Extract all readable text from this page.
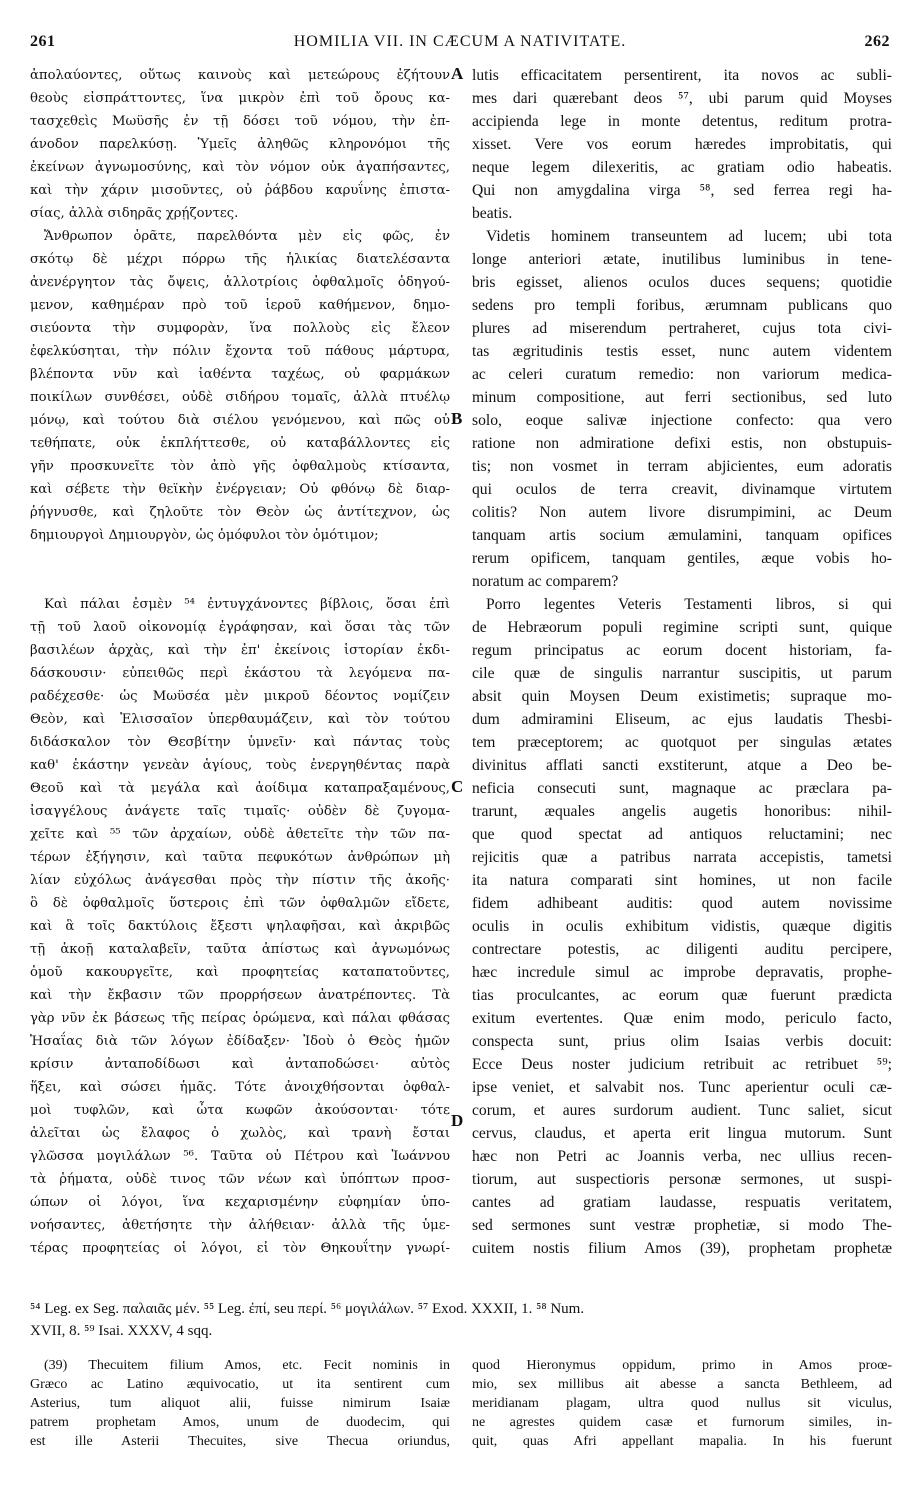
261	HOMILIA VII. IN CÆCUM A NATIVITATE.	262
ἀπολαύοντες, οὕτως καινοὺς καὶ μετεώρους ἐζήτουν
θεοὺς εἰσπράττοντες, ἵνα μικρὸν ἐπὶ τοῦ ὄρους κα-
τασχεθεὶς Μωϋσῆς ἐν τῇ δόσει τοῦ νόμου, τὴν ἐπ-
άνοδον παρελκύσῃ. Ὑμεῖς ἀληθῶς κληρονόμοι τῆς
ἐκείνων ἀγνωμοσύνης, καὶ τὸν νόμον οὐκ ἀγαπήσαντες,
καὶ τὴν χάριν μισοῦντες, οὐ ῥάβδου καρυΐνης ἐπιστα-
σίας, ἀλλὰ σιδηρᾶς χρῄζοντες.
Ἄνθρωπον ὁρᾶτε, παρελθόντα μὲν εἰς φῶς, ἐν
σκότῳ δὲ μέχρι πόρρω τῆς ἡλικίας διατελέσαντα
ἀνενέργητον τὰς ὄψεις, ἀλλοτρίοις ὀφθαλμοῖς ὁδηγού-
μενον, καθημέραν πρὸ τοῦ ἱεροῦ καθήμενον, δημο-
σιεύοντα τὴν συμφορὰν, ἵνα πολλοὺς εἰς ἔλεον
ἐφελκύσηται, τὴν πόλιν ἔχοντα τοῦ πάθους μάρτυρα,
βλέποντα νῦν καὶ ἰαθέντα ταχέως, οὐ φαρμάκων
ποικίλων συνθέσει, οὐδὲ σιδήρου τομαῖς, ἀλλὰ πτυέλῳ
μόνῳ, καὶ τούτου διὰ σιέλου γενόμενου, καὶ πῶς οὐ
τεθήπατε, οὐκ ἐκπλήττεσθε, οὐ καταβάλλοντες εἰς
γῆν προσκυνεῖτε τὸν ἀπὸ γῆς ὀφθαλμοὺς κτίσαντα,
καὶ σέβετε τὴν θεϊκὴν ἐνέργειαν; Οὐ φθόνῳ δὲ διαρ-
ῥήγνυσθε, καὶ ζηλοῦτε τὸν Θεὸν ὡς ἀντίτεχνον, ὡς
δημιουργοὶ Δημιουργὸν, ὡς ὁμόφυλοι τὸν ὁμότιμον;
Καὶ πάλαι ἐσμὲν ⁵⁴ ἐντυγχάνοντες βίβλοις, ὅσαι ἐπὶ
τῇ τοῦ λαοῦ οἰκονομίᾳ ἐγράφησαν, καὶ ὅσαι τὰς τῶν
βασιλέων ἀρχὰς, καὶ τὴν ἐπ' ἐκείνοις ἱστορίαν ἐκδι-
δάσκουσιν· εὐπειθῶς περὶ ἑκάστου τὰ λεγόμενα πα-
ραδέχεσθε· ὡς Μωϋσέα μὲν μικροῦ δέοντος νομίζειν
Θεὸν, καὶ Ἐλισσαῖον ὑπερθαυμάζειν, καὶ τὸν τούτου
διδάσκαλον τὸν Θεσβίτην ὑμνεῖν· καὶ πάντας τοὺς
καθ' ἑκάστην γενεὰν ἁγίους, τοὺς ἐνεργηθέντας παρὰ
Θεοῦ καὶ τὰ μεγάλα καὶ ἀοίδιμα καταπραξαμένους,
ἰσαγγέλους ἀνάγετε ταῖς τιμαῖς· οὐδὲν δὲ ζυγομα-
χεῖτε καὶ ⁵⁵ τῶν ἀρχαίων, οὐδὲ ἀθετεῖτε τὴν τῶν πα-
τέρων ἐξήγησιν, καὶ ταῦτα πεφυκότων ἀνθρώπων μὴ
λίαν εὐχόλως ἀνάγεσθαι πρὸς τὴν πίστιν τῆς ἀκοῆς·
ὃ δὲ ὀφθαλμοῖς ὕστεροις ἐπὶ τῶν ὀφθαλμῶν εἴδετε,
καὶ ἃ τοῖς δακτύλοις ἔξεστι ψηλαφῆσαι, καὶ ἀκριβῶς
τῇ ἀκοῇ καταλαβεῖν, ταῦτα ἀπίστως καὶ ἀγνωμόνως
ὁμοῦ κακουργεῖτε, καὶ προφητείας καταπατοῦντες,
καὶ τὴν ἔκβασιν τῶν προρρήσεων ἀνατρέποντες. Τὰ
γὰρ νῦν ἐκ βάσεως τῆς πείρας ὁρώμενα, καὶ πάλαι φθάσας
Ἡσαΐας διὰ τῶν λόγων ἐδίδαξεν· Ἰδοὺ ὁ Θεὸς ἡμῶν
κρίσιν ἀνταποδίδωσι καὶ ἀνταποδώσει· αὐτὸς
ἥξει, καὶ σώσει ἡμᾶς. Τότε ἀνοιχθήσονται ὀφθαλ-
μοὶ τυφλῶν, καὶ ὦτα κωφῶν ἀκούσονται· τότε
ἁλεῖται ὡς ἔλαφος ὁ χωλὸς, καὶ τρανὴ ἔσται
γλῶσσα μογιλάλων ⁵⁶. Ταῦτα οὐ Πέτρου καὶ Ἰωάννου
τὰ ῥήματα, οὐδὲ τινος τῶν νέων καὶ ὑπόπτων προσ-
ώπων οἱ λόγοι, ἵνα κεχαρισμένην εὐφημίαν ὑπο-
νοήσαντες, ἀθετήσητε τὴν ἀλήθειαν· ἀλλὰ τῆς ὑμε-
τέρας προφητείας οἱ λόγοι, εἰ τὸν Θηκουΐτην γνωρί-
lutis efficacitatem persentirent, ita novos ac subli-
mes dari quærebant deos ⁵⁷, ubi parum quid Moyses
accipienda lege in monte detentus, reditum protra-
xisset. Vere vos eorum hæredes improbitatis, qui
neque legem dilexeritis, ac gratiam odio habeatis.
Qui non amygdalina virga ⁵⁸, sed ferrea regi ha-
beatis.
Videtis hominem transeuntem ad lucem; ubi tota
longe anteriori ætate, inutilibus luminibus in tene-
bris egisset, alienos oculos duces sequens; quotidie
sedens pro templi foribus, ærumnam publicans quo
plures ad miserendum pertraheret, cujus tota civi-
tas ægritudinis testis esset, nunc autem videntem
ac celeri curatum remedio: non variorum medica-
minum compositione, aut ferri sectionibus, sed luto
solo, eoque salivæ injectione confecto: qua vero
ratione non admiratione defixi estis, non obstupuis-
tis; non vosmet in terram abjicientes, eum adoratis
qui oculos de terra creavit, divinamque virtutem
colitis? Non autem livore disrumpimini, ac Deum
tanquam artis socium æmulamini, tanquam opifices
rerum opificem, tanquam gentiles, æque vobis ho-
noratum ac comparem?
Porro legentes Veteris Testamenti libros, si qui
de Hebræorum populi regimine scripti sunt, quique
regum principatus ac eorum docent historiam, fa-
cile quæ de singulis narrantur suscipitis, ut parum
absit quin Moysen Deum existimetis; supraque mo-
dum admiramini Eliseum, ac ejus laudatis Thesbi-
tem præceptorem; ac quotquot per singulas ætates
divinitus afflati sancti exstiterunt, atque a Deo be-
neficia consecuti sunt, magnaque ac præclara pa-
trarunt, æquales angelis augetis honoribus: nihil-
que quod spectat ad antiquos reluctamini; nec
rejicitis quæ a patribus narrata accepistis, tametsi
ita natura comparati sint homines, ut non facile
fidem adhibeant auditis: quod autem novissime
oculis in oculis exhibitum vidistis, quæque digitis
contrectare potestis, ac diligenti auditu percipere,
hæc incredule simul ac improbe depravatis, prophe-
tias proculcantes, ac eorum quæ fuerunt prædicta
exitum evertentes. Quæ enim modo, periculo facto,
conspecta sunt, prius olim Isaias verbis docuit:
Ecce Deus noster judicium retribuit ac retribuet ⁵⁹;
ipse veniet, et salvabit nos. Tunc aperientur oculi cæ-
corum, et aures surdorum audient. Tunc saliet, sicut
cervus, claudus, et aperta erit lingua mutorum. Sunt
hæc non Petri ac Joannis verba, nec ullius recen-
tiorum, aut suspectioris personæ sermones, ut suspi-
cantes ad gratiam laudasse, respuatis veritatem,
sed sermones sunt vestræ prophetiæ, si modo The-
cuitem nostis filium Amos (39), prophetam prophetæ
A
B
C
D
⁵⁴ Leg. ex Seg. παλαιᾶς μέν. ⁵⁵ Leg. ἐπί, seu περί. ⁵⁶ μογιλάλων. ⁵⁷ Exod. XXXII, 1. ⁵⁸ Num.
XVII, 8. ⁵⁹ Isai. XXXV, 4 sqq.
(39) Thecuitem filium Amos, etc. Fecit nominis in
Græco ac Latino æquivocatio, ut ita sentirent cum
Asterius, tum aliquot alii, fuisse nimirum Isaiæ
patrem prophetam Amos, unum de duodecim, qui
est ille Asterii Thecuites, sive Thecua oriundus,
quod Hieronymus oppidum, primo in Amos proœ-
mio, sex millibus ait abesse a sancta Bethleem, ad
meridianam plagam, ultra quod nullus sit viculus,
ne agrestes quidem casæ et furnorum similes, in-
quit, quas Afri appellant mapalia. In his fuerunt
